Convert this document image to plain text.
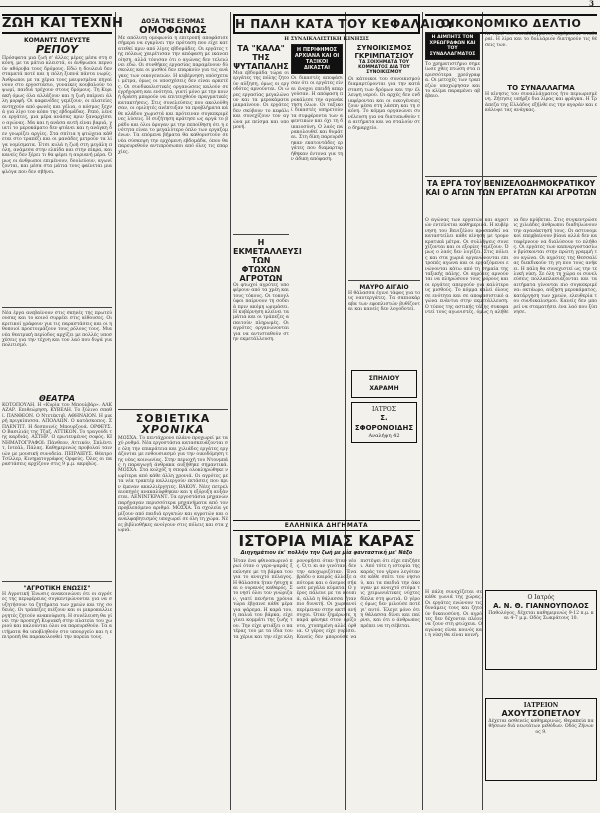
3
ΖΩΗ ΚΑΙ ΤΕΧΝΗ
ΚΟΜΑΝΤΣ ΠΛΕΥΣΤΕ
ΡΕΠΟΥ
Πρόσφατα μια ζωή σ' άλλες μέρες μέσα στη σκόνη, με τα μάτια κλειστά, οι άνθρωποι περνούν αθόρυβα τους δρόμους. Εδώ η δουλειά δεν σταματά ποτέ και η πόλη ξυπνά πάντα νωρίς. Άνθρωποι με τα χέρια τους μαυρισμένα πηγαίνουν στο εργοστάσιο, γυναίκες κουβαλούν το ψωμί, παιδιά τρέχουν στους δρόμους. Τη Κυριακή όμως όλα αλλάζουν και η ζωή παίρνει άλλη μορφή. Οι καφενέδες γεμίζουν, οι πλατείες αντηχούν από φωνές και γέλια, ο κόσμος ξεχνά για λίγο τον κόπο της εβδομάδας. Ρεπό, λένε οι εργάτες, μια μέρα ανάσας πριν ξαναρχίσει ο αγώνας. Μα και η ανάσα αυτή είναι βαριά, γιατί το μεροκάματο δεν φτάνει και η ανάγκη δεν γνωρίζει αργίες. Στα σπίτια η φτώχεια κάθεται στο τραπέζι και οι μανάδες μετρούν τα λίγα νομίσματα. Έτσι κυλά η ζωή στη μεγάλη πόλη, ανάμεσα στην ελπίδα και στην πίκρα, και κανείς δεν ξέρει τι θα φέρει η αυριανή μέρα. Όμως οι άνθρωποι επιμένουν, δουλεύουν, αγωνίζονται, και μέσα στα μάτια τους φαίνεται μια φλόγα που δεν σβήνει.
Νέα έργα ανεβαίνουν στις σκηνές της πρωτεύουσας και το κοινό συρρέει στις αίθουσες. Οι κριτικοί γράφουν για τις παραστάσεις και οι ηθοποιοί προετοιμάζουν τους ρόλους τους. Μια νέα θεατρική περίοδος αρχίζει με πολλές υποσχέσεις για την τέχνη και τον λαό που διψά για πολιτισμό.
ΘΕΑΤΡΑ
ΚΟΤΟΠΟΥΛΗ. Η «Κυρία του Μπουλβάρ». ΑΛΚΑΖΑΡ. Επιθεώρηση. ΚΥΒΕΛΗ. Το ξύλινο σπαθί. ΠΑΝΘΕΟΝ. Ο Ντετέκτιβ. ΑΘΗΝΑΙΟΝ. Η μικρή πριγκίπισσα. ΑΠΟΛΛΩΝ. Ο κατάσκοπος. ΣΠΛΕΝΤΙΤ. Η δεσποινίς Μπουρζουά. ΟΡΦΕΥΣ. Ο Βασιλιάς της Τζαζ. ΑΤΤΙΚΟΝ. Το τραγούδι της καρδιάς. ΑΣΤΗΡ. Ο ερωτευμένος σοφός. ΚΙΝΗΜΑΤΟΓΡΑΦΟΙ: Πάνθεον, Αττικόν, Σπλέντιτ, Ιντεάλ, Πάλας. Καθημερινώς προβολαί ταινιών με μουσική συνοδεία. ΠΕΙΡΑΙΕΥΣ. Θέατρο Τσίλλερ, Κινηματογράφος Ορφεύς. Όλες οι παραστάσεις αρχίζουν στις 9 μ.μ. ακριβώς.
"ΑΓΡΟΤΙΚΗ ΕΝΩΣΙΣ"
Η Αγροτική Ένωσις ανακοινώνει ότι οι αγρότες της περιφέρειας συγκεντρώνονται για να συζητήσουν τα ζητήματα των χρεών και της σοδειάς. Οι τράπεζες πιέζουν και οι μικροκαλλιεργητές ζητούν ανακούφιση. Η συνέλευση θα γίνει την προσεχή Κυριακή στην πλατεία του χωριού και καλούνται όλοι να παρευρεθούν. Τα αιτήματα θα υποβληθούν στο υπουργείο και η επιτροπή θα παρακολουθεί την πορεία τους.
ΔΟΞΑ ΤΗΣ ΕΞΟΜΑΣ
ΟΜΟΦΩΝΩΣ
Με απόλυτη ομοφωνία η επιτροπή αποφάσισε σήμερα να εγκρίνει την πρόταση που είχε κατατεθεί πριν από λίγες εβδομάδες. Οι εργάτες της πόλεως χαιρέτισαν την απόφαση με ικανοποίηση, αλλά τόνισαν ότι ο αγώνας δεν τελειώνει εδώ. Οι συνθήκες εργασίας παραμένουν δύσκολες και οι μισθοί δεν επαρκούν για τις ανάγκες των οικογενειών. Η κυβέρνηση υπόσχεται μέτρα, όμως οι υποσχέσεις δεν είναι αρκετές. Οι συνδικαλιστικές οργανώσεις καλούν σε εγρήγορση και ενότητα, γιατί μόνο με την κοινή δράση μπορούν να επιτευχθούν πραγματικές κατακτήσεις. Στις συνελεύσεις που ακολούθησαν, οι ομιλητές ανέπτυξαν τα προβλήματα κάθε κλάδου χωριστά και πρότειναν συγκεκριμένες λύσεις. Η συζήτηση κράτησε ως αργά το βράδυ και όλοι έφυγαν με την πεποίθηση ότι η ενότητα είναι το μεγαλύτερο όπλο των εργαζομένων. Τα επόμενα βήματα θα καθοριστούν σε νέα σύσκεψη την ερχόμενη εβδομάδα, όπου θα παρευρεθούν αντιπρόσωποι από όλες τις επαρχίες.
ΣΟΒΙΕΤΙΚΑ
ΧΡΟΝΙΚΑ
ΜΟΣΧΑ. Το πεντάχρονο πλάνο προχωρεί με ταχύ ρυθμό. Νέα εργοστάσια κατασκευάζονται σε όλη την επικράτεια και χιλιάδες εργάτες εργάζονται με ενθουσιασμό για την οικοδόμηση της νέας κοινωνίας. Στην περιοχή του Ντονμπάς η παραγωγή άνθρακα αυξήθηκε σημαντικά. ΜΟΣΧΑ. Στα κολχόζ η σπορά ολοκληρώθηκε νωρίτερα από κάθε άλλη χρονιά. Οι αγρότες με τα νέα τρακτέρ καλλιεργούν εκτάσεις που πριν έμεναν ακαλλιέργητες. ΒΑΚΟΥ. Νέες πετρελαιοπηγές ανακαλύφθηκαν και η εξόρυξη αυξάνεται. ΛΕΝΙΝΓΚΡΑΝΤ. Τα εργοστάσια μηχανών παρήγαγαν περισσότερα μηχανήματα από τον προβλεπόμενο αριθμό. ΜΟΣΧΑ. Τα σχολεία γεμίζουν από παιδιά εργατών και αγροτών και ο αναλφαβητισμός υποχωρεί σε όλη τη χώρα. Νέες βιβλιοθήκες ανοίγουν στις πόλεις και στα χωριά.
Η ΠΑΛΗ ΚΑΤΑ ΤΟΥ ΚΕΦΑΛΑΙΟΥ
Η ΣΥΝΔΙΚΑΛΙΣΤΙΚΗ ΚΙΝΗΣΙΣ
ΤΑ "ΚΑΛΑ" ΤΗΣ ΨΥΤΑΠΑΛΗΣ
Μια εβδομάδα τώρα οι εργάτες της πόλης ζητούν αύξηση, όμως οι εργοδότες αρνούνται. Οι ώρες εργασίας μεγαλώνουν και τα μεροκάματα μικραίνουν. Οι εργάτες δεν σκύβουν το κεφάλι και συνεχίζουν τον αγώνα με πείσμα και υπομονή.
Η ΕΚΜΕΤΑΛΛΕΥΣΙ ΤΩΝ ΦΤΩΧΩΝ ΑΓΡΟΤΩΝ
Οι φτωχοί αγρότες υποφέρουν από τα χρέη και τους τόκους. Οι τοκογλύφοι παίρνουν τη σοδειά πριν ακόμη ωριμάσει. Η κυβέρνηση κλείνει τα μάτια και οι τράπεζες απαιτούν πληρωμές. Οι αγρότες οργανώνονται για να αντισταθούν στην εκμετάλλευση.
Η ΠΕΡΙΦΗΜΟΣ ΑΡΧΙΑΝΑ ΚΑΙ ΟΙ ΤΑΞΙΚΟΙ ΔΙΚΑΣΤΑΙ
Οι δικαστές αποφάσισαν ότι οι εργάτες είναι ένοχοι επειδή απεργούσαν. Η απόφαση προκάλεσε την αγανάκτηση όλων. Οι ταξικοί δικαστές υπηρετούν τα συμφέροντα των αφεντικών και όχι τη δικαιοσύνη. Ο λαός παρακολουθεί και θυμάται. Στη δίκη παρευρέθηκαν εκατοντάδες εργάτες που διαμαρτυρήθηκαν έντονα για την άδικη απόφαση.
ΣΥΝΟΙΚΙΣΜΟΣ ΓΚΡΙΜΠΑΤΣΙΟΥ
ΤΑ ΣΟΙΧΗΜΑΤΑ ΤΟΥ ΚΟΜΜΑΤΟΣ ΔΙΑ ΤΟΥ ΣΥΝΟΙΚΙΣΜΟΥ
Οι κάτοικοι του συνοικισμού διαμαρτύρονται για την κατάσταση των δρόμων και την έλλειψη νερού. Οι αρχές δεν ενδιαφέρονται και οι οικογένειες ζουν μέσα στη λάσπη και τη σκόνη. Το κόμμα οργανώνει συνέλευση για να διατυπωθούν τα αιτήματα και να σταλούν στο δημαρχείο.
ΜΑΥΡΟ ΑΙΓΑΙΟ
Η θάλασσα έγινε τάφος για τους ναυτεργάτες. Τα σαπιοκάραβα των εφοπλιστών βυθίζονται και κανείς δεν λογοδοτεί.
ΣΠΗΛΙΟΥ ΧΑΡΑΜΗ
ΙΑΤΡΟΣ
Σ. ΣΦΟΡΟΝΟΙΔΗΣ
Αναλήψη 42
ΕΛΛΗΝΙΚΑ ΔΗΓΗΜΑΤΑ
ΙΣΤΟΡΙΑ ΜΙΑΣ ΚΑΡΑΣ
Διηγημάτιον έκ' πολλήν την ζωή με μία φανταστική με' Νάξο
Ήταν ένα φθινοπωρινό πρωί όταν ο γερο-ψαράς ξεκίνησε με τη βάρκα του για το ανοιχτό πέλαγος. Η θάλασσα ήταν ήσυχη και ο ουρανός καθαρός. Στο νησί όλοι τον γνώριζαν, γιατί πενήντα χρόνια τώρα έβγαινε κάθε μέρα για ψάρεμα. Η καρά του, η παλιά του βάρκα, είχε γίνει κομμάτι της ζωής του. Την είχε φτιάξει ο πατέρας του με τα ίδια του τα χέρια και την είχε κληρονομήσει όταν ήταν νέος. Ό,τι κι αν γινόταν, δεν την αποχωριζόταν. Ένα βράδυ ο καιρός άλλαξε απότομα και ο άνεμος σήκωσε μεγάλα κύματα. Ο γέρος πάλευε με τα κουπιά, αλλά η θάλασσα ήταν πιο δυνατή. Οι χωριανοί περίμεναν στην ακτή ανήσυχοι. Όταν ξημέρωσε, η καρά φάνηκε στον ορίζοντα, χτυπημένη αλλά όρθια. Ο γέρος είχε γυρίσει. Κανείς δεν μπορούσε να πιστέψει ότι είχε επιζήσει. Από τότε η ιστορία της καράς του γέρου λεγόταν σε κάθε σπίτι του νησιού, και τα παιδιά την άκουγαν με ανοιχτό στόμα τις χειμωνιάτικες νύχτες δίπλα στη φωτιά. Ο γέρος όμως δεν μιλούσε ποτέ γι' αυτό. Έλεγε μόνο ότι η θάλασσα δίνει και παίρνει, και ότι ο άνθρωπος πρέπει να τη σέβεται.
ΟΙΚΟΝΟΜΙΚΟ ΔΕΛΤΙΟ
Η ΑΙΜΠΗΤΣ ΤΟΝ ΧΡΕΩΓΡΑΦΩΝ ΚΑΙ ΤΟΥ ΣΥΝΑΛΛΑΓΜΑΤΟΣ
Το χρηματιστήριο σημείωσε χθες πτώση στα περισσότερα χρεόγραφα. Οι μετοχές των τραπεζών υποχώρησαν και το κλίμα παραμένει αβέβαιο.
Αι τιμαί του συναλλάγματος παρέμειναν σταθεραί. Η λίρα και το δολλάριον διατηρούν τις θέσεις των.
ΤΟ ΣΥΝΑΛΛΑΓΜΑ
Η κίνησις του συναλλάγματος ήτο περιωρισμένη. Ζήτησις υπήρξε δια λίρας και φράγκα. Η Τράπεζα της Ελλάδος εξήλθε εις την αγοράν και εκάλυψε τας ανάγκας.
ΤΑ ΕΡΓΑ ΤΟΥ ΒΕΝΙΖΕΛΟΔΗΜΟΚΡΑΤΙΚΟΥ
ΚΑΙ Ο ΑΓΩΝ ΤΩΝ ΕΡΓΑΤΩΝ ΚΑΙ ΑΓΡΟΤΩΝ
Ο αγώνας των εργατών και αγροτών εντείνεται καθημερινά. Η κυβέρνηση του Βενιζέλου προσπαθεί να καταστείλει κάθε κίνηση με τρομοκρατικά μέτρα. Οι συλλήψεις συνεχίζονται και οι εξορίες γεμίζουν. Όμως ο λαός δεν λυγίζει. Στις πόλεις και στα χωριά οργανώνονται επιτροπές αγώνα και οι εργαζόμενοι ενώνονται κάτω από τη σημαία της ταξικής πάλης. Οι αγρότες αρνούνται να πληρώσουν τους φόρους και οι εργάτες απεργούν για καλύτερους μισθούς. Το κόμμα καλεί όλους σε ενότητα και σε αποφασιστικό αγώνα ενάντια στην εκμετάλλευση. Ο τύπος της αστικής τάξης συκοφαντεί τους αγωνιστές, όμως η αλήθεια δεν κρύβεται. Στις συγκεντρώσεις χιλιάδες άνθρωποι διαδηλώνουν την αγανάκτησή τους. Οι αστυνομικοί επεμβαίνουν βίαια αλλά δεν καταφέρνουν να διαλύσουν το πλήθος. Οι εργάτες των καπνεργοστασίων βρίσκονται στην πρώτη γραμμή του αγώνα. Οι αγρότες της Θεσσαλίας διεκδικούν τη γη που τους ανήκει. Η πάλη θα συνεχιστεί ως την τελική νίκη. Σε όλη τη χώρα οι συνελεύσεις πολλαπλασιάζονται και τα αιτήματα γίνονται πιο συγκεκριμένα: οκτάωρο, αύξηση μεροκάματος, κατάργηση των χρεών, ελευθερία του συνδικαλισμού. Κανείς δεν μπορεί να σταματήσει ένα λαό που ξύπνησε.
Ο Ιατρός
Α. Ν. Θ. ΓΙΑΝΝΟΥΠΟΛΟΣ
Παθολόγος, δέχεται καθημερινώς 9-12 π.μ. και 4-7 μ.μ. Οδός Σωκράτους 10.
ΙΑΤΡΕΙΟΝ
ΑΧΟΥΤΣΟΠΕΤΛΟΥ
Δέχεται ασθενείς καθημερινώς. Θεραπεία παθήσεων διά νεωτάτων μεθόδων. Οδός Ζήνωνος 9.
Η πάλη συνεχίζεται σε κάθε γωνιά της χώρας. Οι εργάτες ενώνουν τις δυνάμεις τους και ζητούν δικαιοσύνη. Οι αγρότες δεν δέχονται πλέον να ζουν στη φτώχεια. Ο αγώνας είναι κοινός και η νίκη θα είναι κοινή.
